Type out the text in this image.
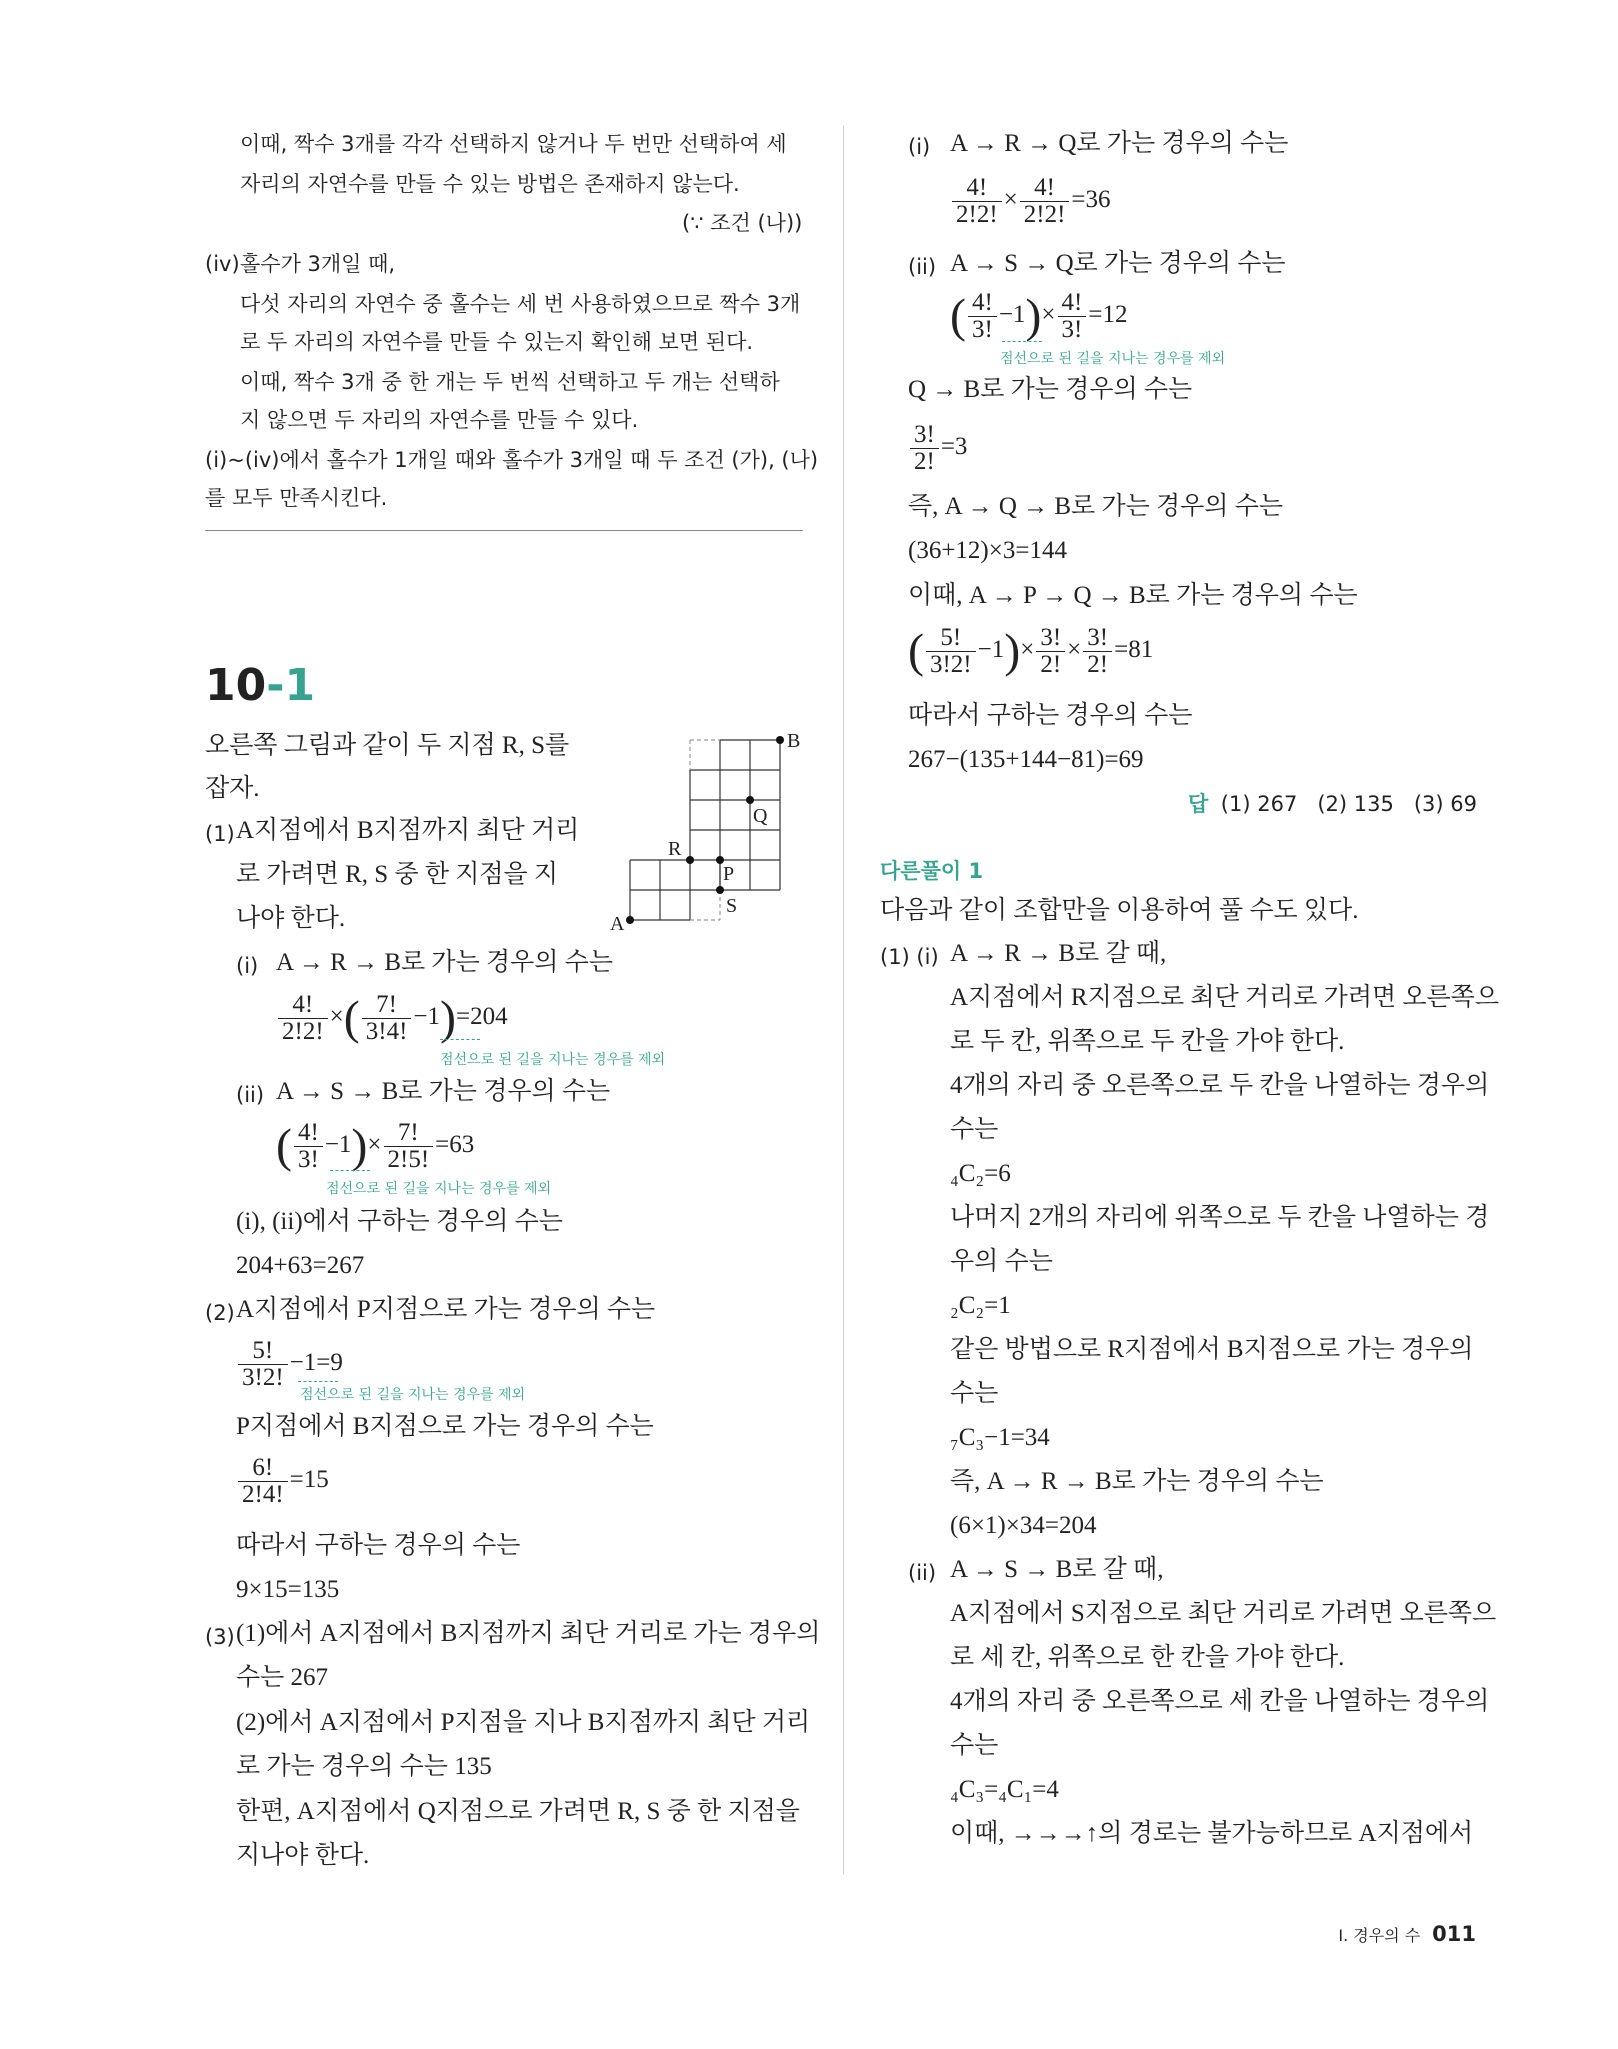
이때, 짝수 3개를 각각 선택하지 않거나 두 번만 선택하여 세
자리의 자연수를 만들 수 있는 방법은 존재하지 않는다.
(∵ 조건 (나))
(iv) 홀수가 3개일 때,
다섯 자리의 자연수 중 홀수는 세 번 사용하였으므로 짝수 3개
로 두 자리의 자연수를 만들 수 있는지 확인해 보면 된다.
이때, 짝수 3개 중 한 개는 두 번씩 선택하고 두 개는 선택하
지 않으면 두 자리의 자연수를 만들 수 있다.
(i)~(iv)에서 홀수가 1개일 때와 홀수가 3개일 때 두 조건 (가), (나)
를 모두 만족시킨다.
10-1
오른쪽 그림과 같이 두 지점 R, S를
잡자.
A
B
Q
R
P
S
(1) A지점에서 B지점까지 최단 거리
로 가려면 R, S 중 한 지점을 지
나야 한다.
(i) A → R → B로 가는 경우의 수는
$\frac{4!}{2!2!}$ ×( $\frac{7!}{3!4!} -1)=204$
점선으로 된 길을 지나는 경우를 제외
(ii) A → S → B로 가는 경우의 수는
( $\frac{4!}{3!} -1)\times \frac{7!}{2!5!} =63$
점선으로 된 길을 지나는 경우를 제외
(i), (ii)에서 구하는 경우의 수는
204+63=267
(2) A지점에서 P지점으로 가는 경우의 수는
$\frac{5!}{3!2!} -1=9$
점선으로 된 길을 지나는 경우를 제외
P지점에서 B지점으로 가는 경우의 수는
$\frac{6!}{2!4!} =15$
따라서 구하는 경우의 수는
9×15=135
(3) (1)에서 A지점에서 B지점까지 최단 거리로 가는 경우의
수는 267
(2)에서 A지점에서 P지점을 지나 B지점까지 최단 거리
로 가는 경우의 수는 135
한편, A지점에서 Q지점으로 가려면 R, S 중 한 지점을
지나야 한다.
(i) A → R → Q로 가는 경우의 수는
$\frac{4!}{2!2!} \times \frac{4!}{2!2!} =36$
(ii) A → S → Q로 가는 경우의 수는
( $\frac{4!}{3!} -1)\times \frac{4!}{3!} =12$
점선으로 된 길을 지나는 경우를 제외
Q → B로 가는 경우의 수는
$\frac{3!}{2!} =3$
즉, A → Q → B로 가는 경우의 수는
(36+12)×3=144
이때, A → P → Q → B로 가는 경우의 수는
( $\frac{5!}{3!2!} -1)\times \frac{3!}{2!} \times \frac{3!}{2!} =81$
따라서 구하는 경우의 수는
267−(135+144−81)=69
답 (1) 267   (2) 135   (3) 69
다른풀이 1
다음과 같이 조합만을 이용하여 풀 수도 있다.
(1) (i) A → R → B로 갈 때,
A지점에서 R지점으로 최단 거리로 가려면 오른쪽으
로 두 칸, 위쪽으로 두 칸을 가야 한다.
4개의 자리 중 오른쪽으로 두 칸을 나열하는 경우의
수는
₄C₂=6
나머지 2개의 자리에 위쪽으로 두 칸을 나열하는 경
우의 수는
₂C₂=1
같은 방법으로 R지점에서 B지점으로 가는 경우의
수는
₇C₃−1=34
즉, A → R → B로 가는 경우의 수는
(6×1)×34=204
(ii) A → S → B로 갈 때,
A지점에서 S지점으로 최단 거리로 가려면 오른쪽으
로 세 칸, 위쪽으로 한 칸을 가야 한다.
4개의 자리 중 오른쪽으로 세 칸을 나열하는 경우의
수는
₄C₃=₄C₁=4
이때, →→→↑의 경로는 불가능하므로 A지점에서
I. 경우의 수 011
